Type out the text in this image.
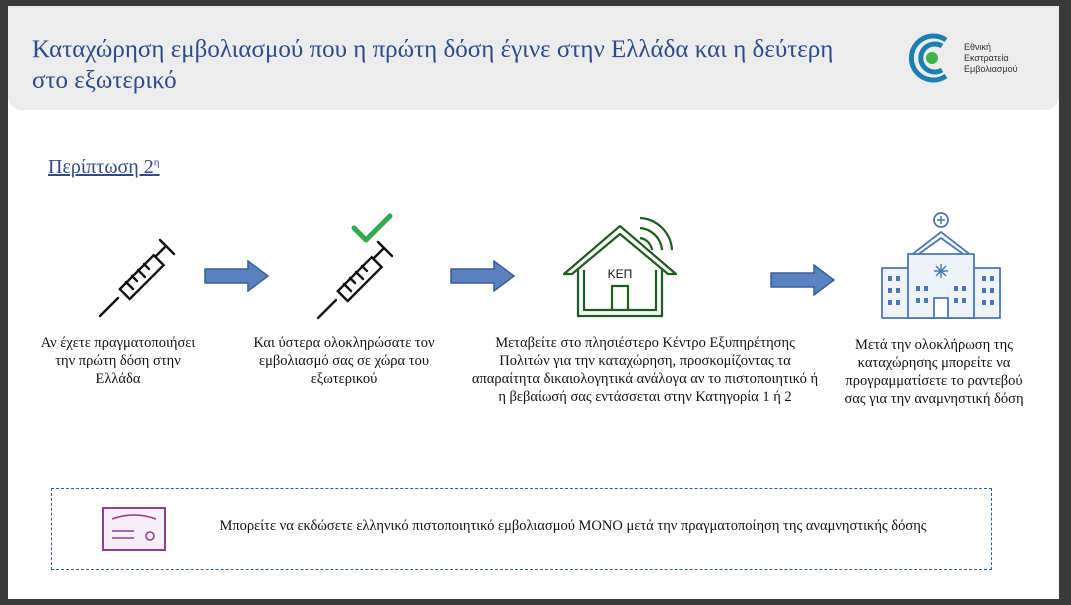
Καταχώρηση εμβολιασμού που η πρώτη δόση έγινε στην Ελλάδα και η δεύτερη στο εξωτερικό
Εθνική
Εκστρατεία
Εμβολιασμού
Περίπτωση $2^\eta$
ΚΕΠ
Αν έχετε πραγματοποιήσει την πρώτη δόση στην Ελλάδα
Και ύστερα ολοκληρώσατε τον εμβολιασμό σας σε χώρα του εξωτερικού
Μεταβείτε στο πλησιέστερο Κέντρο Εξυπηρέτησης Πολιτών για την καταχώρηση, προσκομίζοντας τα απαραίτητα δικαιολογητικά ανάλογα αν το πιστοποιητικό ή η βεβαίωσή σας εντάσσεται στην Κατηγορία 1 ή 2
Μετά την ολοκλήρωση της καταχώρησης μπορείτε να προγραμματίσετε το ραντεβού σας για την αναμνηστική δόση
Μπορείτε να εκδώσετε ελληνικό πιστοποιητικό εμβολιασμού ΜΟΝΟ μετά την πραγματοποίηση της αναμνηστικής δόσης
